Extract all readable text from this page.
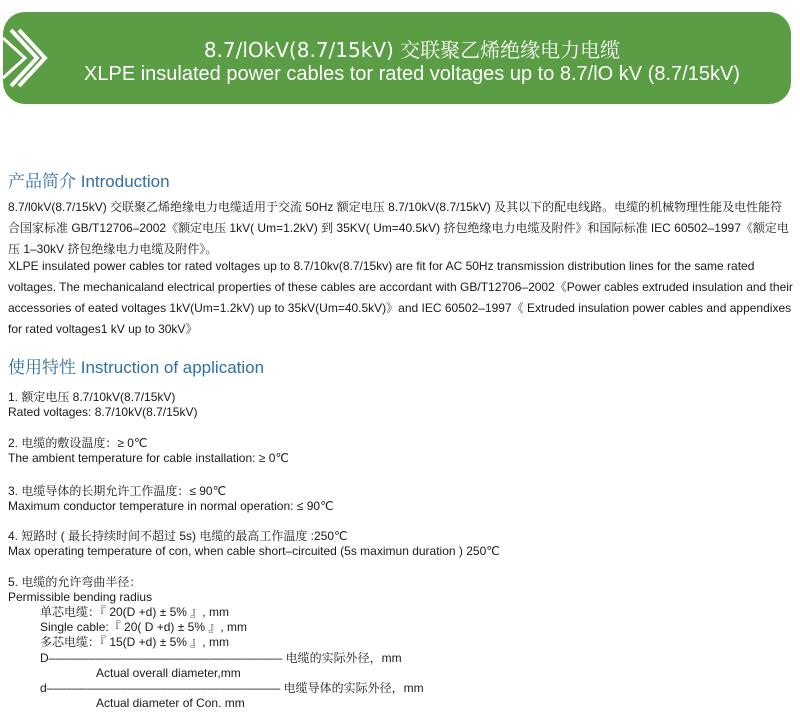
8.7/lOkV(8.7/15kV) 交联聚乙烯绝缘电力电缆
XLPE insulated power cables tor rated voltages up to 8.7/lO kV (8.7/15kV)
产品简介 Introduction

8.7/l0kV(8.7/15kV) 交联聚乙烯绝缘电力电缆适用于交流 50Hz 额定电压 8.7/10kV(8.7/15kV) 及其以下的配电线路。电缆的机械物理性能及电性能符合国家标准 GB/T12706–2002《额定电压 1kV( Um=1.2kV) 到 35KV( Um=40.5kV) 挤包绝缘电力电缆及附件》和国际标准 IEC 60502–1997《额定电压 1–30kV 挤包绝缘电力电缆及附件》。

XLPE insulated power cables tor rated voltages up to 8.7/10kv(8.7/15kv) are fit for AC 50Hz transmission distribution lines for the same rated voltages. The mechanicaland electrical properties of these cables are accordant with GB/T12706–2002《Power cables extruded insulation and their accessories of eated voltages 1kV(Um=1.2kV) up to 35kV(Um=40.5kV)》and IEC 60502–1997《 Extruded insulation power cables and appendixes for rated voltages1 kV up to 30kV》

使用特性 Instruction of application
1. 额定电压 8.7/10kV(8.7/15kV)
Rated voltages: 8.7/10kV(8.7/15kV)
2. 电缆的敷设温度：≥ 0℃
The ambient temperature for cable installation: ≥ 0℃
3. 电缆导体的长期允许工作温度：≤ 90℃
Maximum conductor temperature in normal operation: ≤ 90℃
4. 短路时 ( 最长持续时间不超过 5s) 电缆的最高工作温度 :250℃
Max operating temperature of con, when cable short–circuited (5s maximun duration ) 250℃
5. 电缆的允许弯曲半径：
Permissible bending radius
单芯电缆：『 20(D +d) ± 5% 』, mm
Single cable:『 20( D +d) ± 5% 』, mm
多芯电缆：『 15(D +d) ± 5% 』, mm
D––––––––––––––––––––––––––––––––––– 电缆的实际外径，mm
Actual overall diameter,mm
d––––––––––––––––––––––––––––––––––– 电缆导体的实际外径，mm
Actual diameter of Con. mm
